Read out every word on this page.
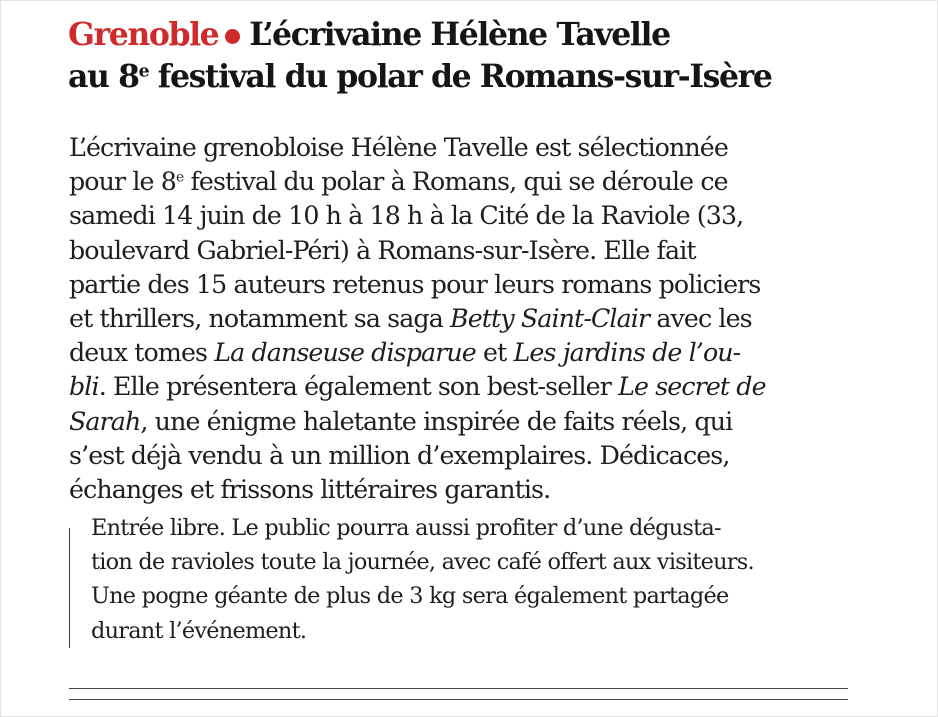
Grenoble L’écrivaine Hélène Tavelle
au 8e festival du polar de Romans-sur-Isère
L’écrivaine grenobloise Hélène Tavelle est sélectionnée
pour le 8e festival du polar à Romans, qui se déroule ce
samedi 14 juin de 10 h à 18 h à la Cité de la Raviole (33,
boulevard Gabriel-Péri) à Romans-sur-Isère. Elle fait
partie des 15 auteurs retenus pour leurs romans policiers
et thrillers, notamment sa saga Betty Saint-Clair avec les
deux tomes La danseuse disparue et Les jardins de l’ou-
bli. Elle présentera également son best-seller Le secret de
Sarah, une énigme haletante inspirée de faits réels, qui
s’est déjà vendu à un million d’exemplaires. Dédicaces,
échanges et frissons littéraires garantis.
Entrée libre. Le public pourra aussi profiter d’une dégusta-
tion de ravioles toute la journée, avec café offert aux visiteurs.
Une pogne géante de plus de 3 kg sera également partagée
durant l’événement.
